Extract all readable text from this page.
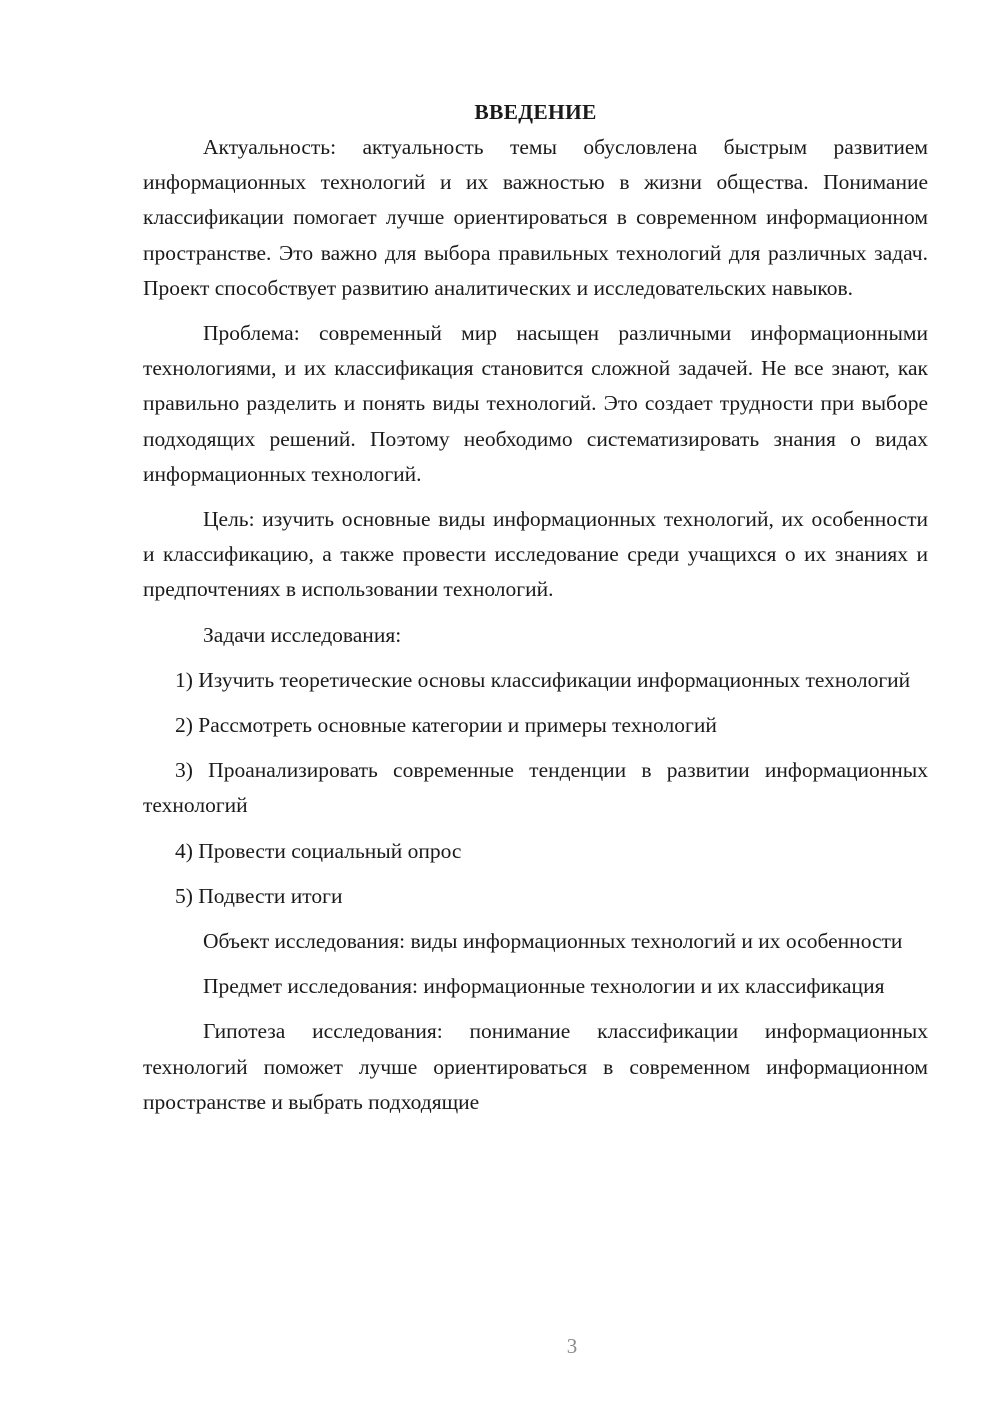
ВВЕДЕНИЕ

Актуальность: актуальность темы обусловлена быстрым развитием информационных технологий и их важностью в жизни общества. Понимание классификации помогает лучше ориентироваться в современном информационном пространстве. Это важно для выбора правильных технологий для различных задач. Проект способствует развитию аналитических и исследовательских навыков.

Проблема: современный мир насыщен различными информационными технологиями, и их классификация становится сложной задачей. Не все знают, как правильно разделить и понять виды технологий. Это создает трудности при выборе подходящих решений. Поэтому необходимо систематизировать знания о видах информационных технологий.

Цель: изучить основные виды информационных технологий, их особенности и классификацию, а также провести исследование среди учащихся о их знаниях и предпочтениях в использовании технологий.

Задачи исследования:

1) Изучить теоретические основы классификации информационных технологий

2) Рассмотреть основные категории и примеры технологий

3) Проанализировать современные тенденции в развитии информационных технологий

4) Провести социальный опрос

5) Подвести итоги

Объект исследования: виды информационных технологий и их особенности

Предмет исследования: информационные технологии и их классификация

Гипотеза исследования: понимание классификации информационных технологий поможет лучше ориентироваться в современном информационном пространстве и выбрать подходящие

3
